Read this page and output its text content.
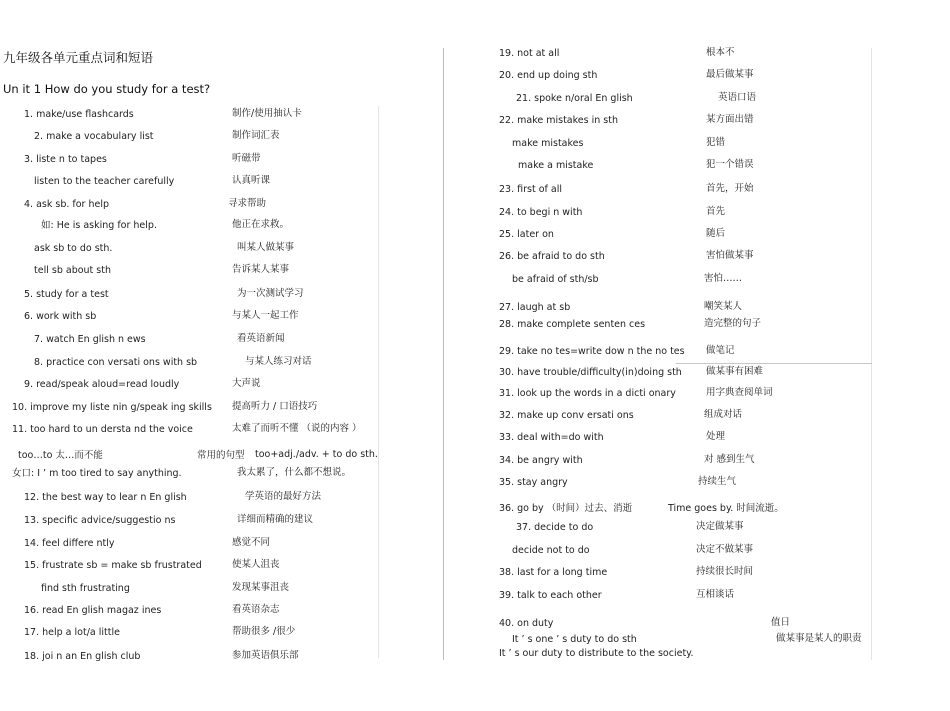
九年级各单元重点词和短语
Un it 1 How do you study for a test?
1. make/use flashcards	制作/使用抽认卡
2. make a vocabulary list	制作词汇表
3. liste n to tapes	听磁带
listen to the teacher carefully	认真听课
4. ask sb. for help	寻求帮助
如: He is asking for help.	他正在求救。
ask sb to do sth.	叫某人做某事
tell sb about sth	告诉某人某事
5. study for a test	为一次测试学习
6. work with sb	与某人一起工作
7. watch En glish n ews	看英语新闻
8. practice con versati ons with sb	与某人练习对话
9. read/speak aloud=read loudly	大声说
10. improve my liste nin g/speak ing skills 提高听力 / 口语技巧
11. too hard to un dersta nd the voice	太难了而听不懂 （说的内容 ）
too…to 太…而不能	常用的句型 too+adj./adv. + to do sth.
女口: I ’ m too tired to say anything.	我太累了，什么都不想说。
12. the best way to lear n En glish	学英语的最好方法
13. specific advice/suggestio ns	详细而精确的建议
14. feel differe ntly	感觉不同
15. frustrate sb = make sb frustrated	使某人沮丧
find sth frustrating	发现某事沮丧
16. read En glish magaz ines	看英语杂志
17. help a lot/a little	帮助很多 /很少
18. joi n an En glish club	参加英语俱乐部
19. not at all	根本不
20. end up doing sth	最后做某事
21. spoke n/oral En glish	英语口语
22. make mistakes in sth	某方面出错
make mistakes	犯错
make a mistake	犯一个错误
23. first of all	首先，开始
24. to begi n with	首先
25. later on	随后
26. be afraid to do sth	害怕做某事
be afraid of sth/sb	害怕……
27. laugh at sb	嘲笑某人
28. make complete senten ces	造完整的句子
29. take no tes=write dow n the no tes 做笔记
30. have trouble/difficulty(in)doing sth	做某事有困难
31. look up the words in a dicti onary	用字典查阅单词
32. make up conv ersati ons	组成对话
33. deal with=do with	处理
34. be angry with	对 感到生气
35. stay angry	持续生气
36. go by （时间）过去、消逝	Time goes by. 时间流逝。
37. decide to do	决定做某事
decide not to do	决定不做某事
38. last for a long time	持续很长时间
39. talk to each other	互相谈话
40. on duty	值日
It ’ s one ’ s duty to do sth	做某事是某人的职责
It ’ s our duty to distribute to the society.
